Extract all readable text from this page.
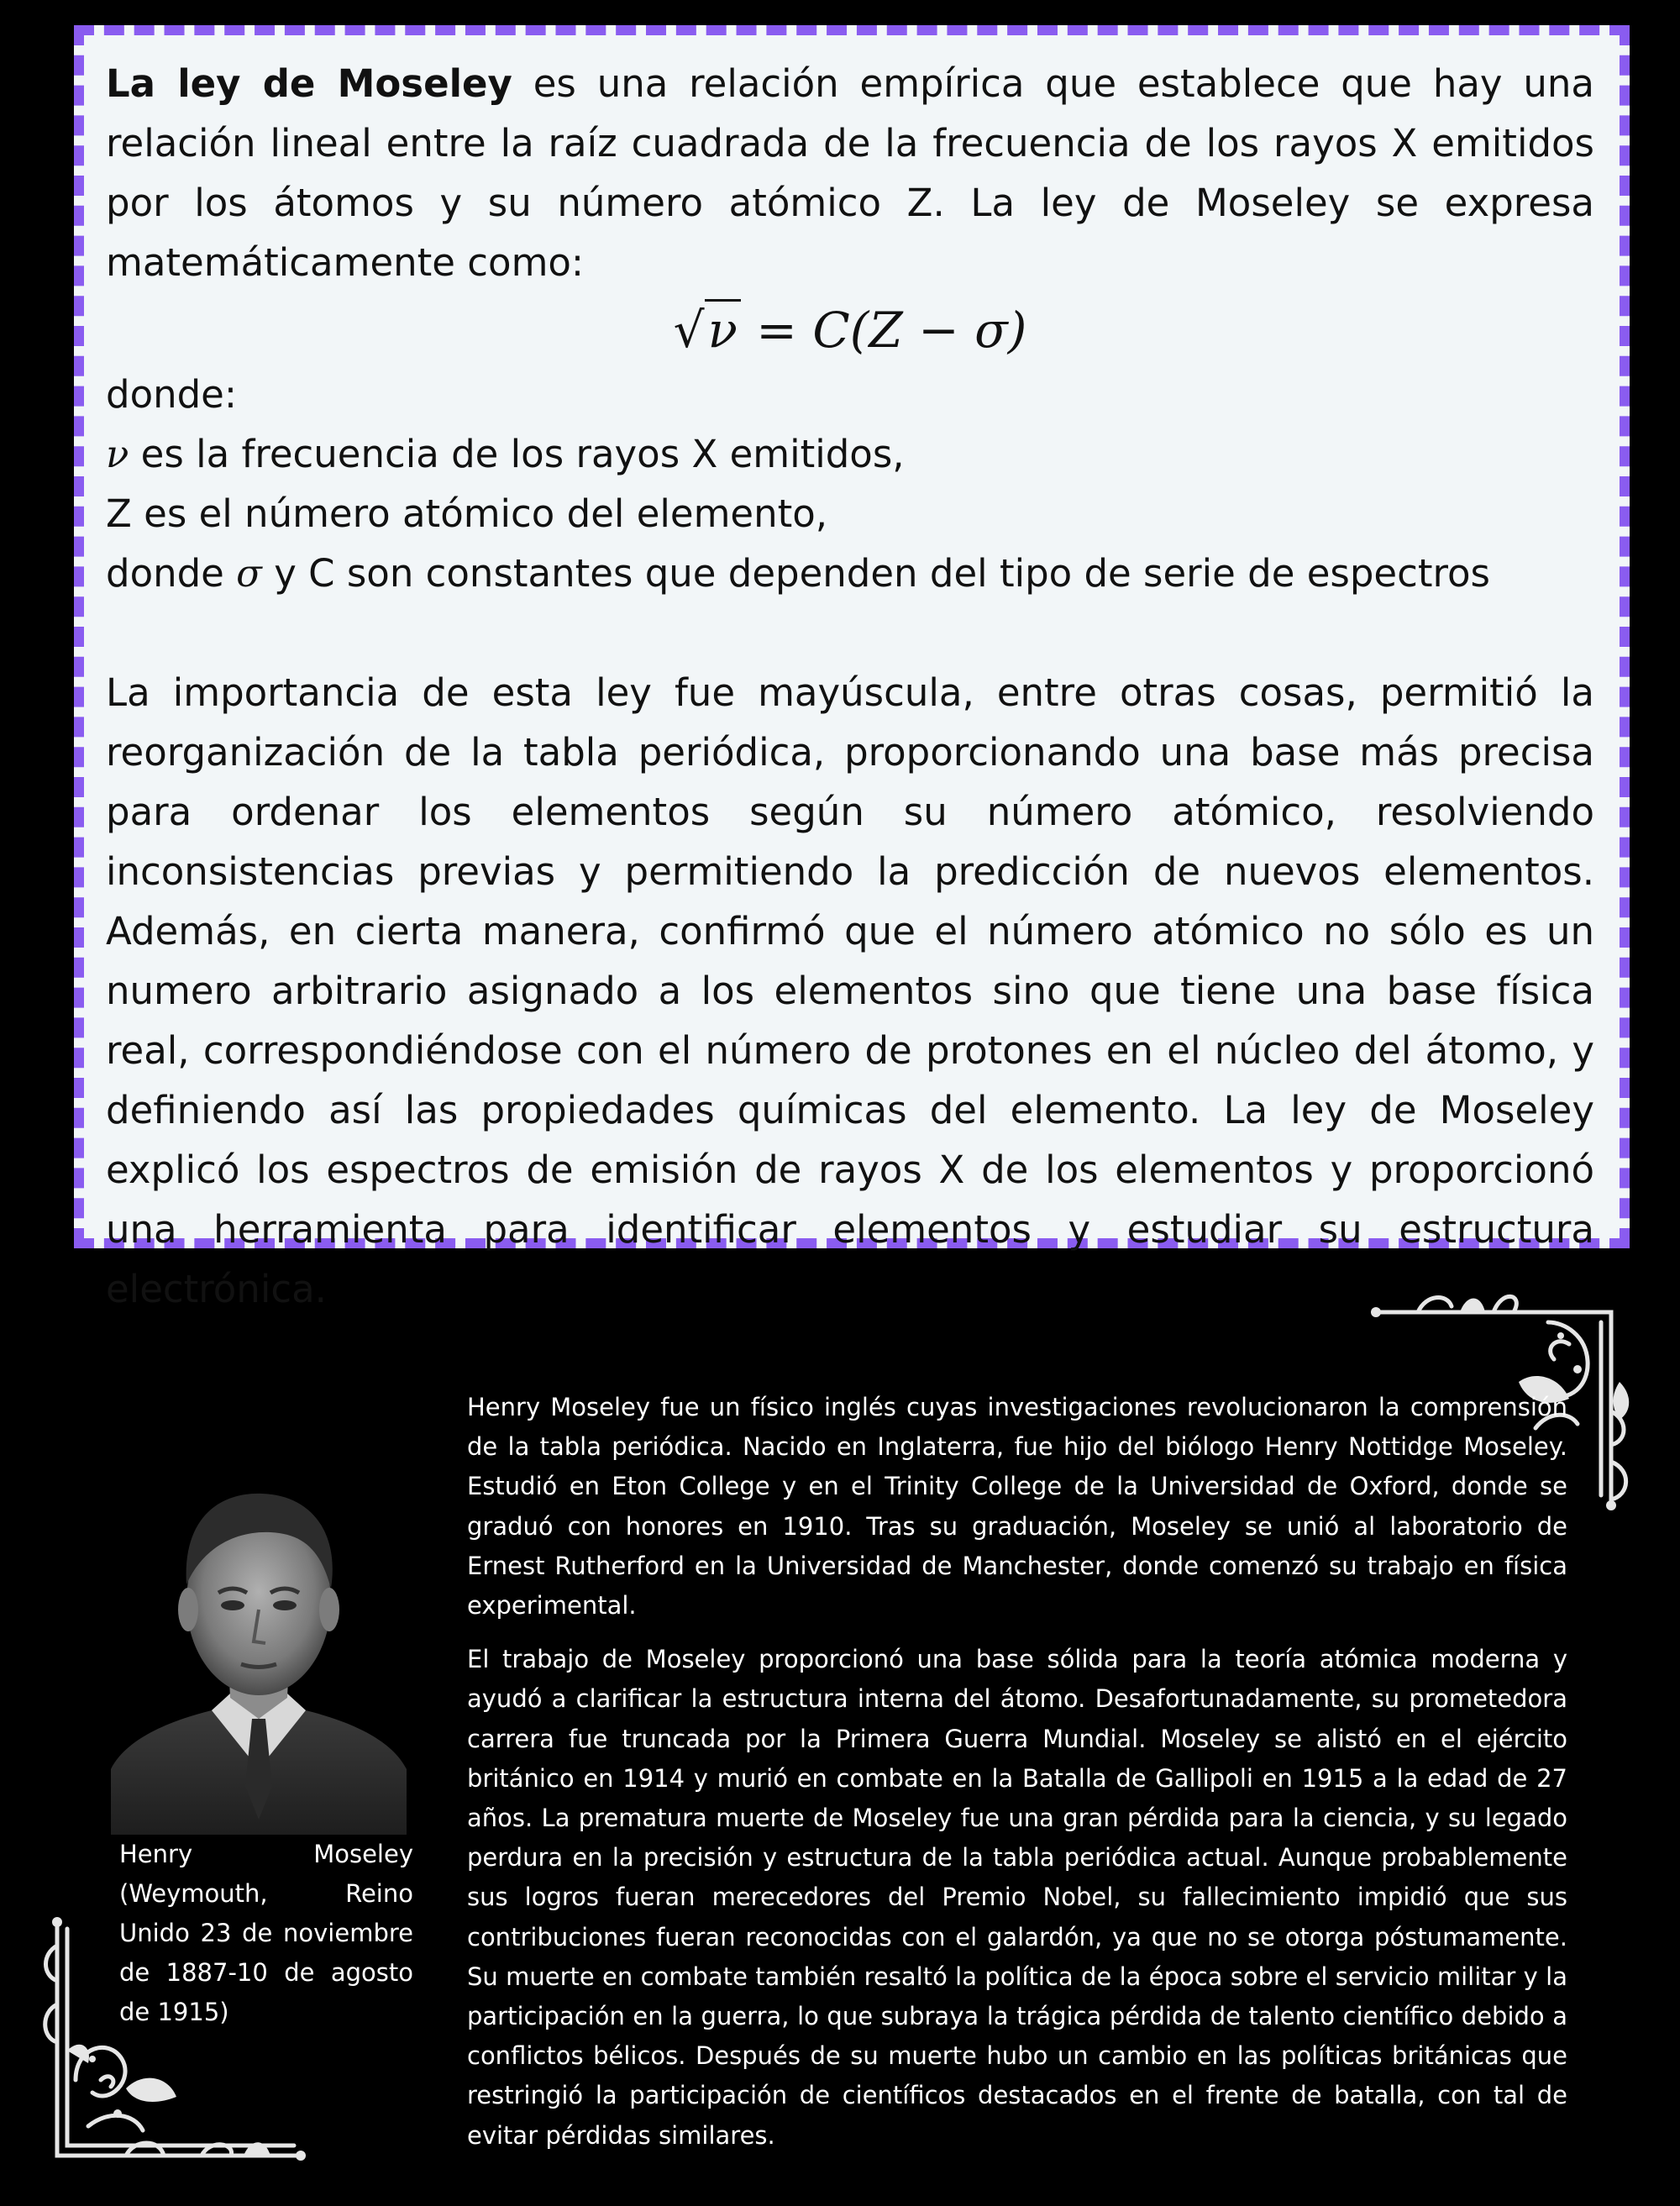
La ley de Moseley es una relación empírica que establece que hay una relación lineal entre la raíz cuadrada de la frecuencia de los rayos X emitidos por los átomos y su número atómico Z. La ley de Moseley se expresa matemáticamente como:

√ν = C(Z − σ)

donde:

ν es la frecuencia de los rayos X emitidos,

Z es el número atómico del elemento,

donde σ y C son constantes que dependen del tipo de serie de espectros

La importancia de esta ley fue mayúscula, entre otras cosas, permitió la reorganización de la tabla periódica, proporcionando una base más precisa para ordenar los elementos según su número atómico, resolviendo inconsistencias previas y permitiendo la predicción de nuevos elementos. Además, en cierta manera, confirmó que el número atómico no sólo es un numero arbitrario asignado a los elementos sino que tiene una base física real, correspondiéndose con el número de protones en el núcleo del átomo, y definiendo así las propiedades químicas del elemento. La ley de Moseley explicó los espectros de emisión de rayos X de los elementos y proporcionó una herramienta para identificar elementos y estudiar su estructura electrónica.

Henry Moseley fue un físico inglés cuyas investigaciones revolucionaron la comprensión de la tabla periódica. Nacido en Inglaterra, fue hijo del biólogo Henry Nottidge Moseley. Estudió en Eton College y en el Trinity College de la Universidad de Oxford, donde se graduó con honores en 1910. Tras su graduación, Moseley se unió al laboratorio de Ernest Rutherford en la Universidad de Manchester, donde comenzó su trabajo en física experimental.

El trabajo de Moseley proporcionó una base sólida para la teoría atómica moderna y ayudó a clarificar la estructura interna del átomo. Desafortunadamente, su prometedora carrera fue truncada por la Primera Guerra Mundial. Moseley se alistó en el ejército británico en 1914 y murió en combate en la Batalla de Gallipoli en 1915 a la edad de 27 años. La prematura muerte de Moseley fue una gran pérdida para la ciencia, y su legado perdura en la precisión y estructura de la tabla periódica actual. Aunque probablemente sus logros fueran merecedores del Premio Nobel, su fallecimiento impidió que sus contribuciones fueran reconocidas con el galardón, ya que no se otorga póstumamente. Su muerte en combate también resaltó la política de la época sobre el servicio militar y la participación en la guerra, lo que subraya la trágica pérdida de talento científico debido a conflictos bélicos. Después de su muerte hubo un cambio en las políticas británicas que restringió la participación de científicos destacados en el frente de batalla, con tal de evitar pérdidas similares.

Henry Moseley (Weymouth, Reino Unido 23 de noviembre de 1887-10 de agosto de 1915)
